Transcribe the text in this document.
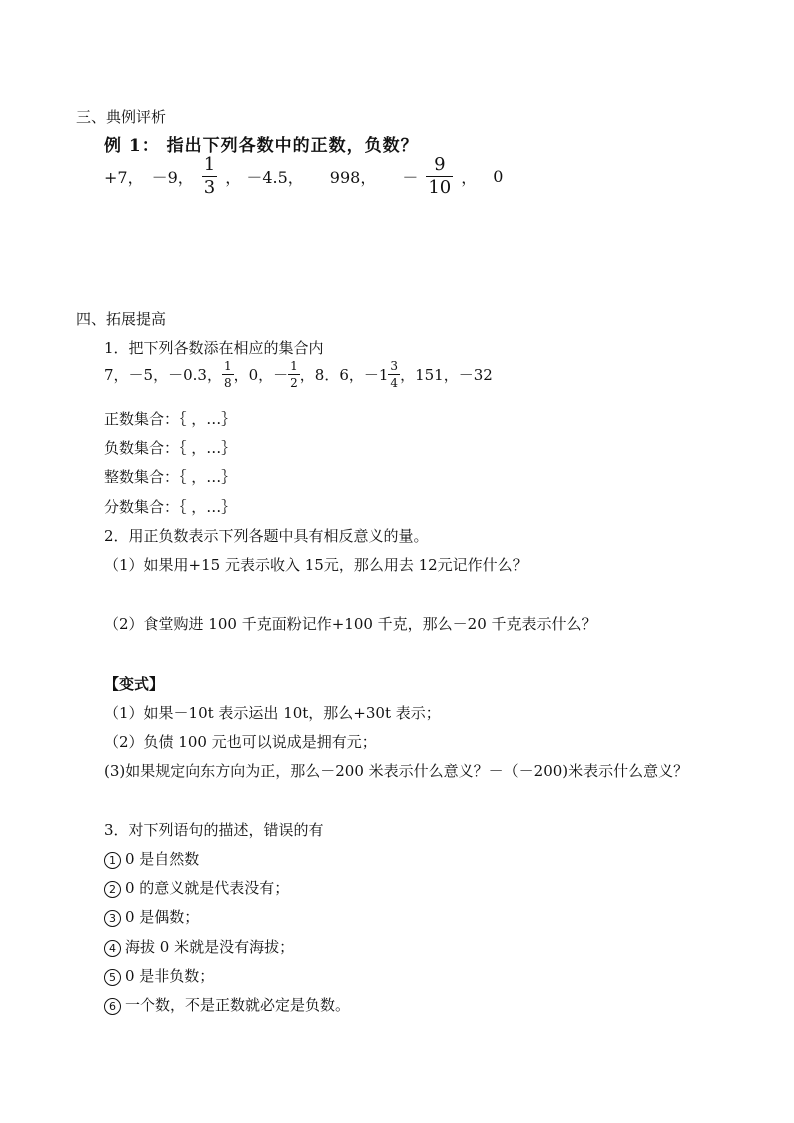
三、典例评析
例 1： 指出下列各数中的正数，负数？
+7， －9， $\frac{1}{3}$ ， －4.5， 998， － $\frac{9}{10}$ ， 0
四、拓展提高
1．把下列各数添在相应的集合内
7，－5，－0.3， $\frac{1}{8}$ ，0，－ $\frac{1}{2}$ ，8．6，$-1 \frac{3}{4}$ ，151，－32
正数集合：｛ ，…｝
负数集合：｛ ，…｝
整数集合：｛ ，…｝
分数集合：｛ ，…｝
2．用正负数表示下列各题中具有相反意义的量。
（1）如果用+15 元表示收入 15元，那么用去 12元记作什么？
（2）食堂购进 100 千克面粉记作+100 千克，那么－20 千克表示什么？
【变式】
（1）如果－10t 表示运出 10t，那么+30t 表示；
（2）负债 100 元也可以说成是拥有元；
(3)如果规定向东方向为正，那么－200 米表示什么意义？－（－200)米表示什么意义？
3．对下列语句的描述，错误的有
1 0 是自然数
2 0 的意义就是代表没有；
3 0 是偶数；
4 海拔 0 米就是没有海拔；
5 0 是非负数；
6 一个数，不是正数就必定是负数。
